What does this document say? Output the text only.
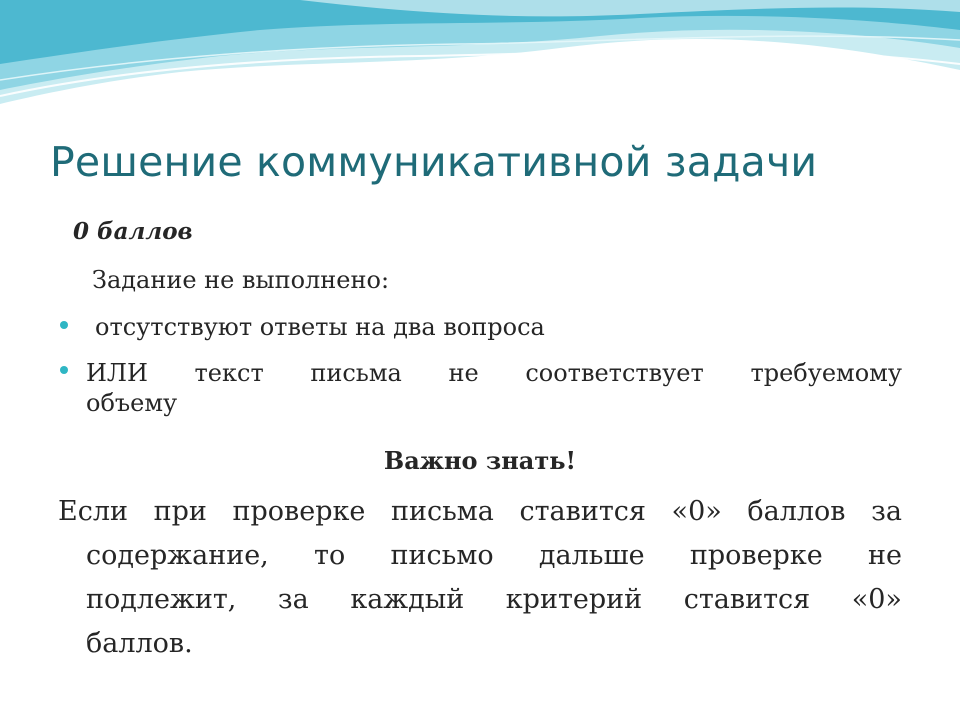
Решение коммуникативной задачи
0 баллов
Задание не выполнено:
отсутствуют ответы на два вопроса
ИЛИ текст письма не соответствует требуемому
объему
Важно знать!
Если при проверке письма ставится «0» баллов за
содержание, то письмо дальше проверке не
подлежит, за каждый критерий ставится «0»
баллов.
